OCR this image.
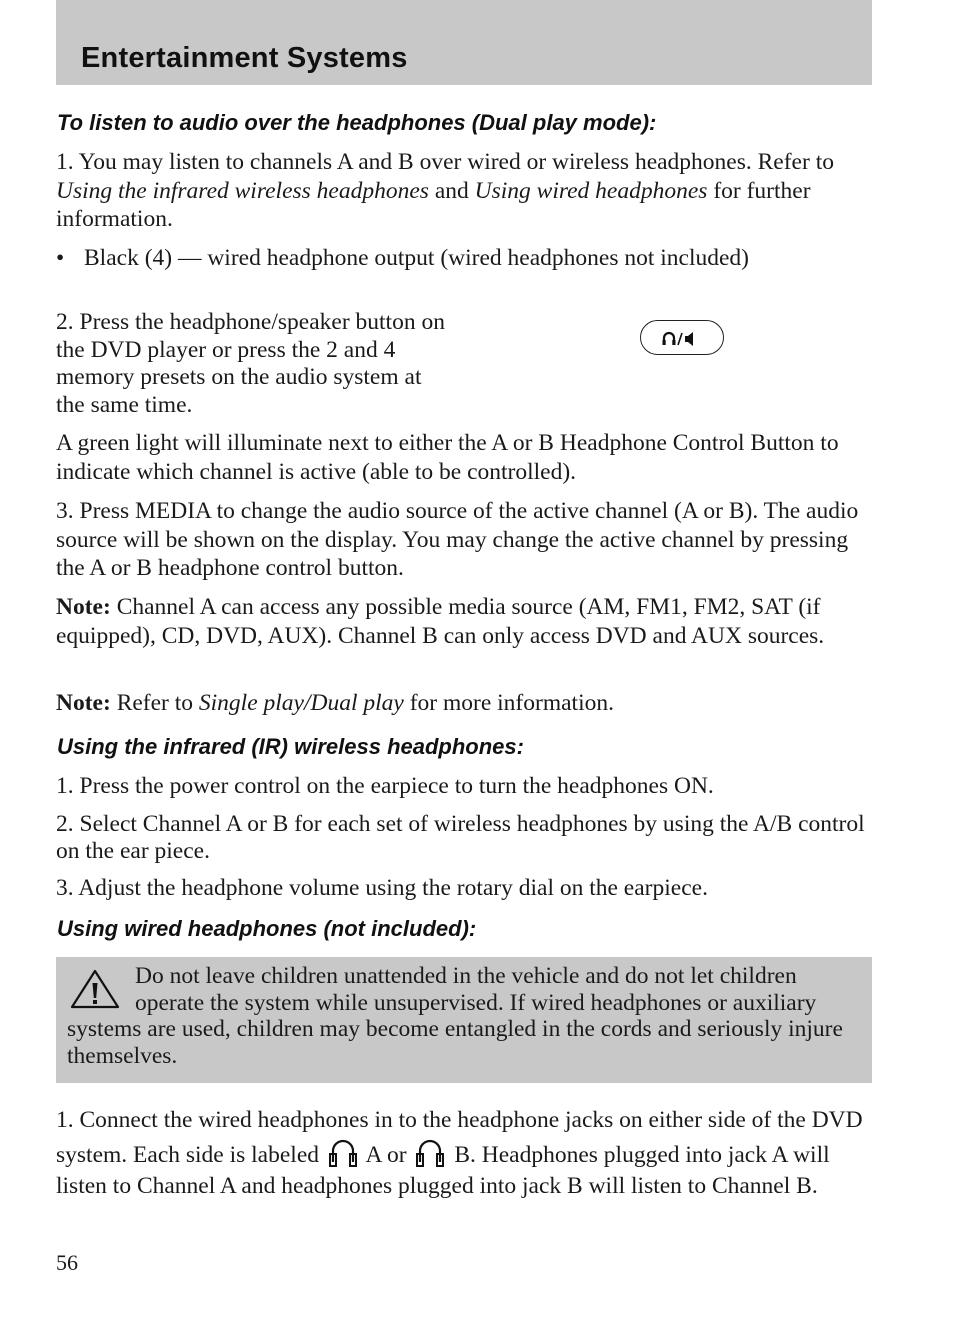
Entertainment Systems
To listen to audio over the headphones (Dual play mode):
1. You may listen to channels A and B over wired or wireless headphones. Refer to Using the infrared wireless headphones and Using wired headphones for further information.
• Black (4) — wired headphone output (wired headphones not included)
2. Press the headphone/speaker button on the DVD player or press the 2 and 4 memory presets on the audio system at the same time.
A green light will illuminate next to either the A or B Headphone Control Button to indicate which channel is active (able to be controlled).
3. Press MEDIA to change the audio source of the active channel (A or B). The audio source will be shown on the display. You may change the active channel by pressing the A or B headphone control button.
Note: Channel A can access any possible media source (AM, FM1, FM2, SAT (if equipped), CD, DVD, AUX). Channel B can only access DVD and AUX sources.
Note: Refer to Single play/Dual play for more information.
Using the infrared (IR) wireless headphones:
1. Press the power control on the earpiece to turn the headphones ON.
2. Select Channel A or B for each set of wireless headphones by using the A/B control on the ear piece.
3. Adjust the headphone volume using the rotary dial on the earpiece.
Using wired headphones (not included):
Do not leave children unattended in the vehicle and do not let children operate the system while unsupervised. If wired headphones or auxiliary systems are used, children may become entangled in the cords and seriously injure themselves.
1. Connect the wired headphones in to the headphone jacks on either side of the DVD system. Each side is labeled  A or  B. Headphones plugged into jack A will listen to Channel A and headphones plugged into jack B will listen to Channel B.
56
